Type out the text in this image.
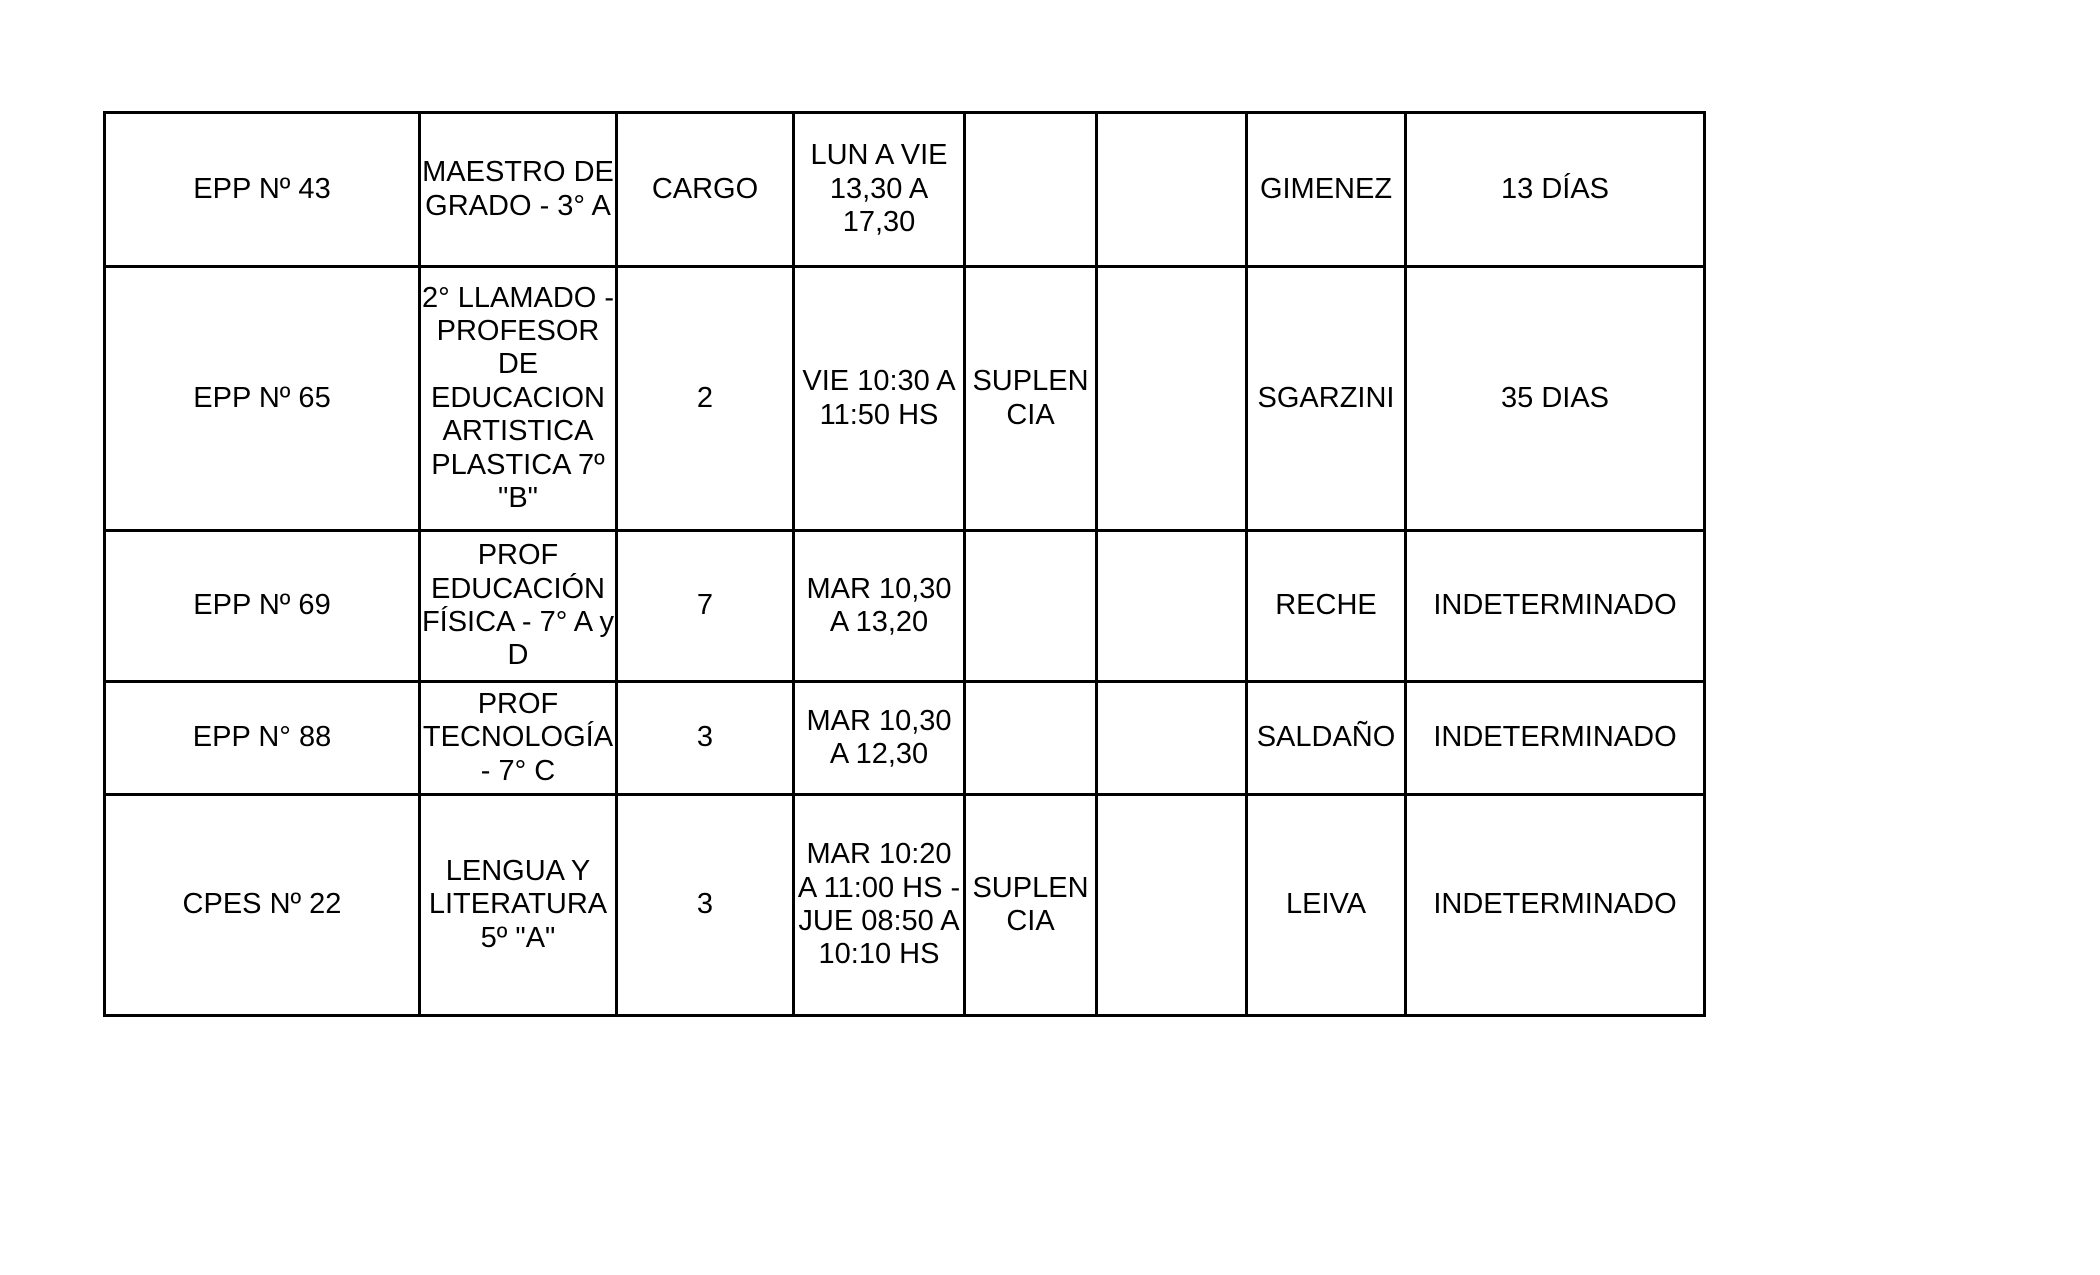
EPP Nº 43	MAESTRO DE GRADO - 3° A	CARGO	LUN A VIE 13,30 A 17,30			GIMENEZ	13 DÍAS
EPP Nº 65	2° LLAMADO - PROFESOR DE EDUCACION ARTISTICA PLASTICA 7º "B"	2	VIE 10:30 A 11:50 HS	SUPLENCIA		SGARZINI	35 DIAS
EPP Nº 69	PROF EDUCACIÓN FÍSICA - 7° A y D	7	MAR 10,30 A 13,20			RECHE	INDETERMINADO
EPP N° 88	PROF TECNOLOGÍA - 7° C	3	MAR 10,30 A 12,30			SALDAÑO	INDETERMINADO
CPES Nº 22	LENGUA Y LITERATURA 5º "A"	3	MAR 10:20 A 11:00 HS - JUE 08:50 A 10:10 HS	SUPLENCIA		LEIVA	INDETERMINADO
